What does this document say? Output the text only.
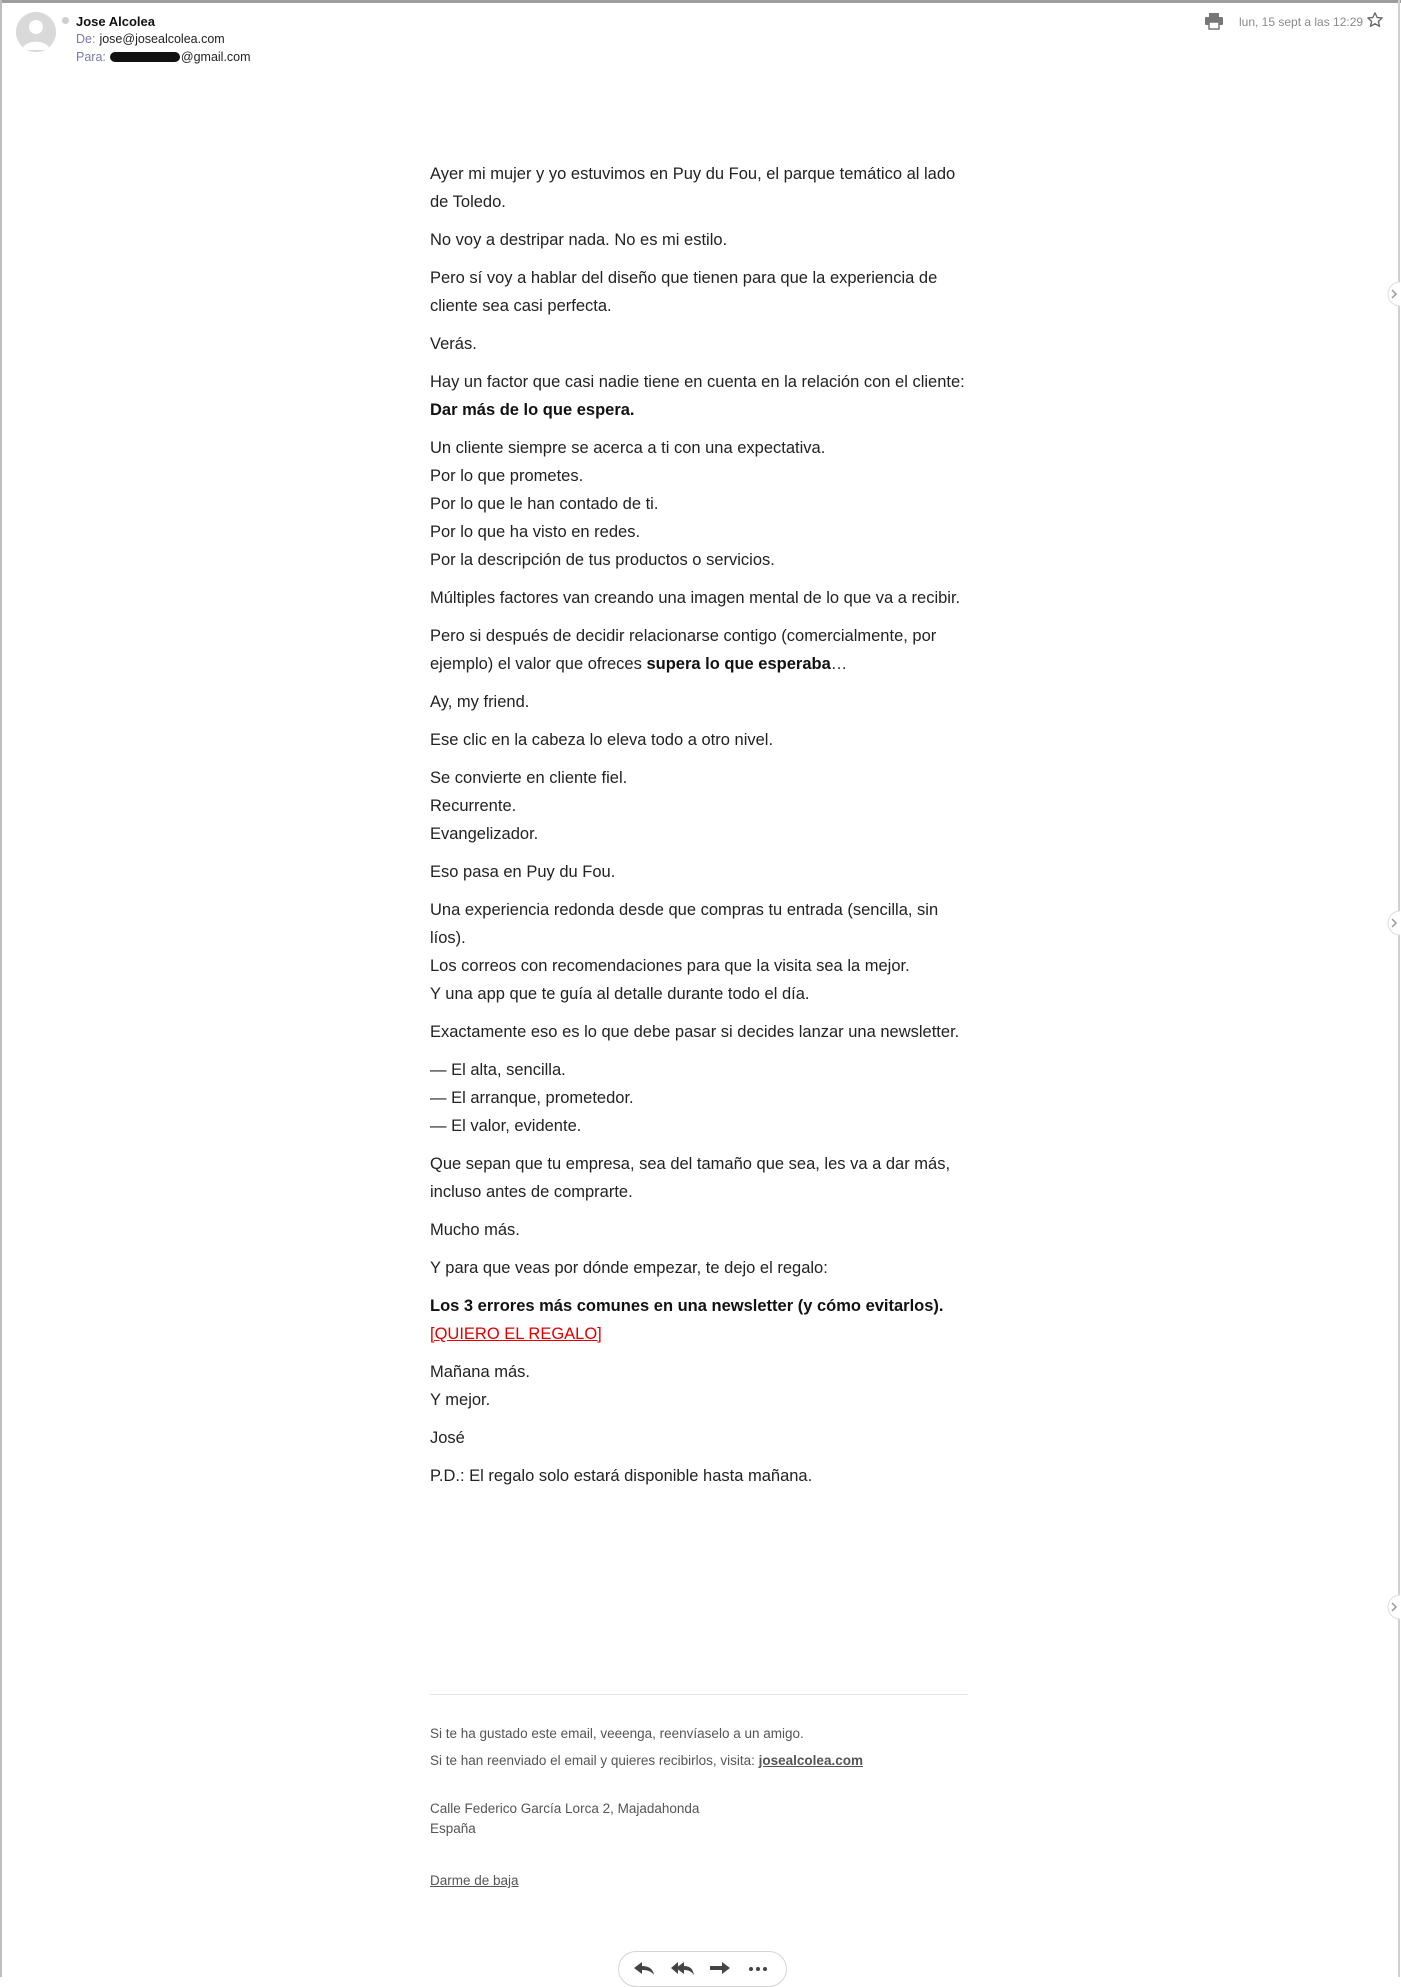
Jose Alcolea
De: jose@josealcolea.com
Para:	@gmail.com
lun, 15 sept a las 12:29

Ayer mi mujer y yo estuvimos en Puy du Fou, el parque temático al lado de Toledo.

No voy a destripar nada. No es mi estilo.

Pero sí voy a hablar del diseño que tienen para que la experiencia de cliente sea casi perfecta.

Verás.

Hay un factor que casi nadie tiene en cuenta en la relación con el cliente:
Dar más de lo que espera.

Un cliente siempre se acerca a ti con una expectativa.
Por lo que prometes.
Por lo que le han contado de ti.
Por lo que ha visto en redes.
Por la descripción de tus productos o servicios.

Múltiples factores van creando una imagen mental de lo que va a recibir.

Pero si después de decidir relacionarse contigo (comercialmente, por ejemplo) el valor que ofreces supera lo que esperaba…

Ay, my friend.

Ese clic en la cabeza lo eleva todo a otro nivel.

Se convierte en cliente fiel.
Recurrente.
Evangelizador.

Eso pasa en Puy du Fou.

Una experiencia redonda desde que compras tu entrada (sencilla, sin líos).
Los correos con recomendaciones para que la visita sea la mejor.
Y una app que te guía al detalle durante todo el día.

Exactamente eso es lo que debe pasar si decides lanzar una newsletter.

— El alta, sencilla.
— El arranque, prometedor.
— El valor, evidente.

Que sepan que tu empresa, sea del tamaño que sea, les va a dar más, incluso antes de comprarte.

Mucho más.

Y para que veas por dónde empezar, te dejo el regalo:

Los 3 errores más comunes en una newsletter (y cómo evitarlos).
[QUIERO EL REGALO]

Mañana más.
Y mejor.

José

P.D.: El regalo solo estará disponible hasta mañana.

Si te ha gustado este email, veeenga, reenvíaselo a un amigo.
Si te han reenviado el email y quieres recibirlos, visita: josealcolea.com
Calle Federico García Lorca 2, Majadahonda
España
Darme de baja
